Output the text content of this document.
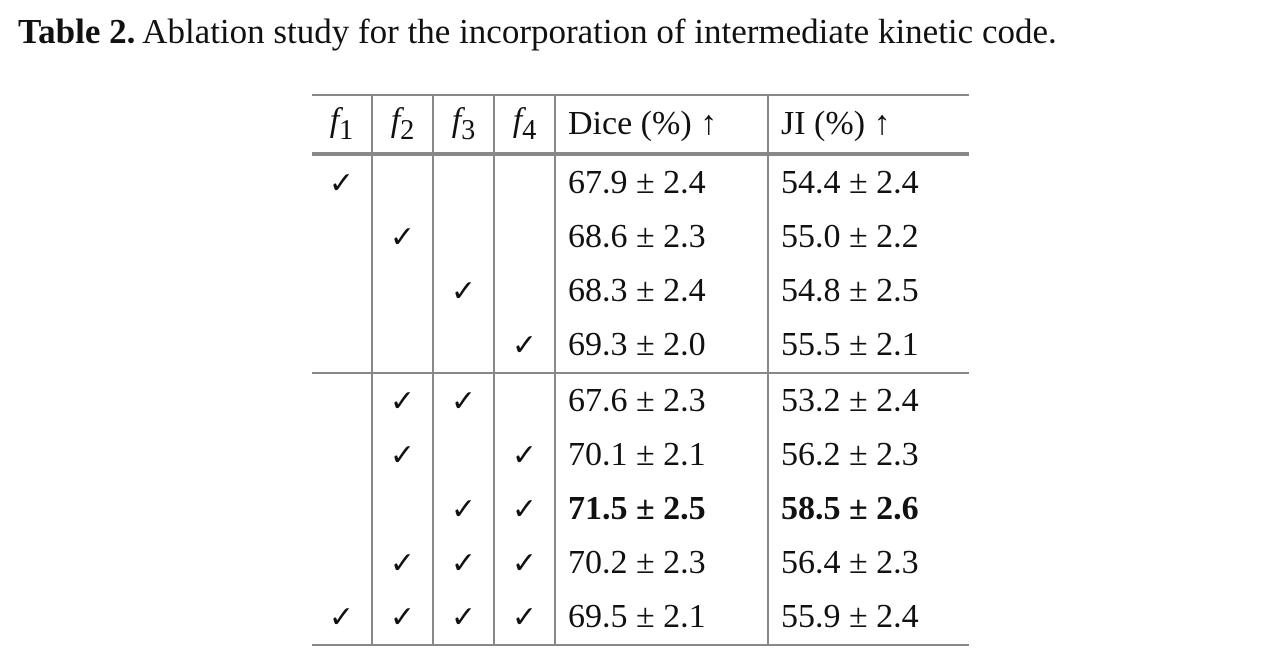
Table 2. Ablation study for the incorporation of intermediate kinetic code.
$f_1$	$f_2$	$f_3$	$f_4$	Dice (%) ↑	JI (%) ↑
✓				67.9 ± 2.4	54.4 ± 2.4
	✓			68.6 ± 2.3	55.0 ± 2.2
		✓		68.3 ± 2.4	54.8 ± 2.5
			✓	69.3 ± 2.0	55.5 ± 2.1
	✓	✓		67.6 ± 2.3	53.2 ± 2.4
	✓		✓	70.1 ± 2.1	56.2 ± 2.3
		✓	✓	71.5 ± 2.5	58.5 ± 2.6
	✓	✓	✓	70.2 ± 2.3	56.4 ± 2.3
✓	✓	✓	✓	69.5 ± 2.1	55.9 ± 2.4
